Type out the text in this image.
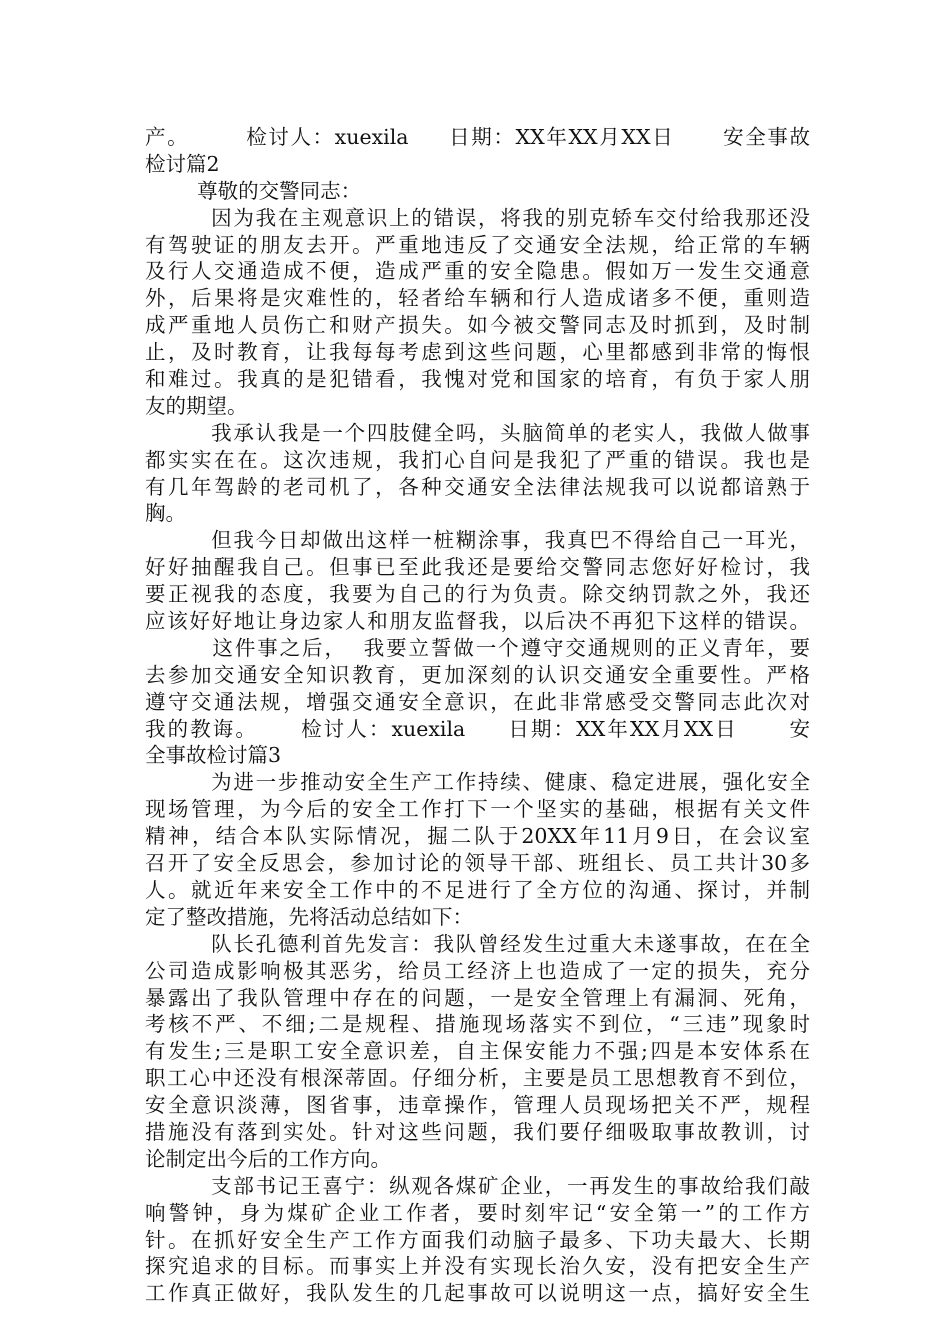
产。       检讨人：xuexila     日期：XX年XX月XX日      安全事故
检讨篇2
尊敬的交警同志：
因为我在主观意识上的错误，将我的别克轿车交付给我那还没
有驾驶证的朋友去开。严重地违反了交通安全法规，给正常的车辆
及行人交通造成不便，造成严重的安全隐患。假如万一发生交通意
外，后果将是灾难性的，轻者给车辆和行人造成诸多不便，重则造
成严重地人员伤亡和财产损失。如今被交警同志及时抓到，及时制
止，及时教育，让我每每考虑到这些问题，心里都感到非常的悔恨
和难过。我真的是犯错看，我愧对党和国家的培育，有负于家人朋
友的期望。
我承认我是一个四肢健全吗，头脑简单的老实人，我做人做事
都实实在在。这次违规，我扪心自问是我犯了严重的错误。我也是
有几年驾龄的老司机了，各种交通安全法律法规我可以说都谙熟于
胸。
但我今日却做出这样一桩糊涂事，我真巴不得给自己一耳光，
好好抽醒我自己。但事已至此我还是要给交警同志您好好检讨，我
要正视我的态度，我要为自己的行为负责。除交纳罚款之外，我还
应该好好地让身边家人和朋友监督我，以后决不再犯下这样的错误。
这件事之后，  我要立誓做一个遵守交通规则的正义青年，要
去参加交通安全知识教育，更加深刻的认识交通安全重要性。严格
遵守交通法规，增强交通安全意识，在此非常感受交警同志此次对
我的教诲。     检讨人：xuexila     日期：XX年XX月XX日      安
全事故检讨篇3
为进一步推动安全生产工作持续、健康、稳定进展，强化安全
现场管理，为今后的安全工作打下一个坚实的基础，根据有关文件
精神，结合本队实际情况，掘二队于20XX年11月9日，在会议室
召开了安全反思会，参加讨论的领导干部、班组长、员工共计30多
人。就近年来安全工作中的不足进行了全方位的沟通、探讨，并制
定了整改措施，先将活动总结如下：
队长孔德利首先发言：我队曾经发生过重大未遂事故，在在全
公司造成影响极其恶劣，给员工经济上也造成了一定的损失，充分
暴露出了我队管理中存在的问题，一是安全管理上有漏洞、死角，
考核不严、不细;二是规程、措施现场落实不到位，“三违”现象时
有发生;三是职工安全意识差，自主保安能力不强;四是本安体系在
职工心中还没有根深蒂固。仔细分析，主要是员工思想教育不到位，
安全意识淡薄，图省事，违章操作，管理人员现场把关不严，规程
措施没有落到实处。针对这些问题，我们要仔细吸取事故教训，讨
论制定出今后的工作方向。
支部书记王喜宁：纵观各煤矿企业，一再发生的事故给我们敲
响警钟，身为煤矿企业工作者，要时刻牢记“安全第一”的工作方
针。在抓好安全生产工作方面我们动脑子最多、下功夫最大、长期
探究追求的目标。而事实上并没有实现长治久安，没有把安全生产
工作真正做好，我队发生的几起事故可以说明这一点，搞好安全生
